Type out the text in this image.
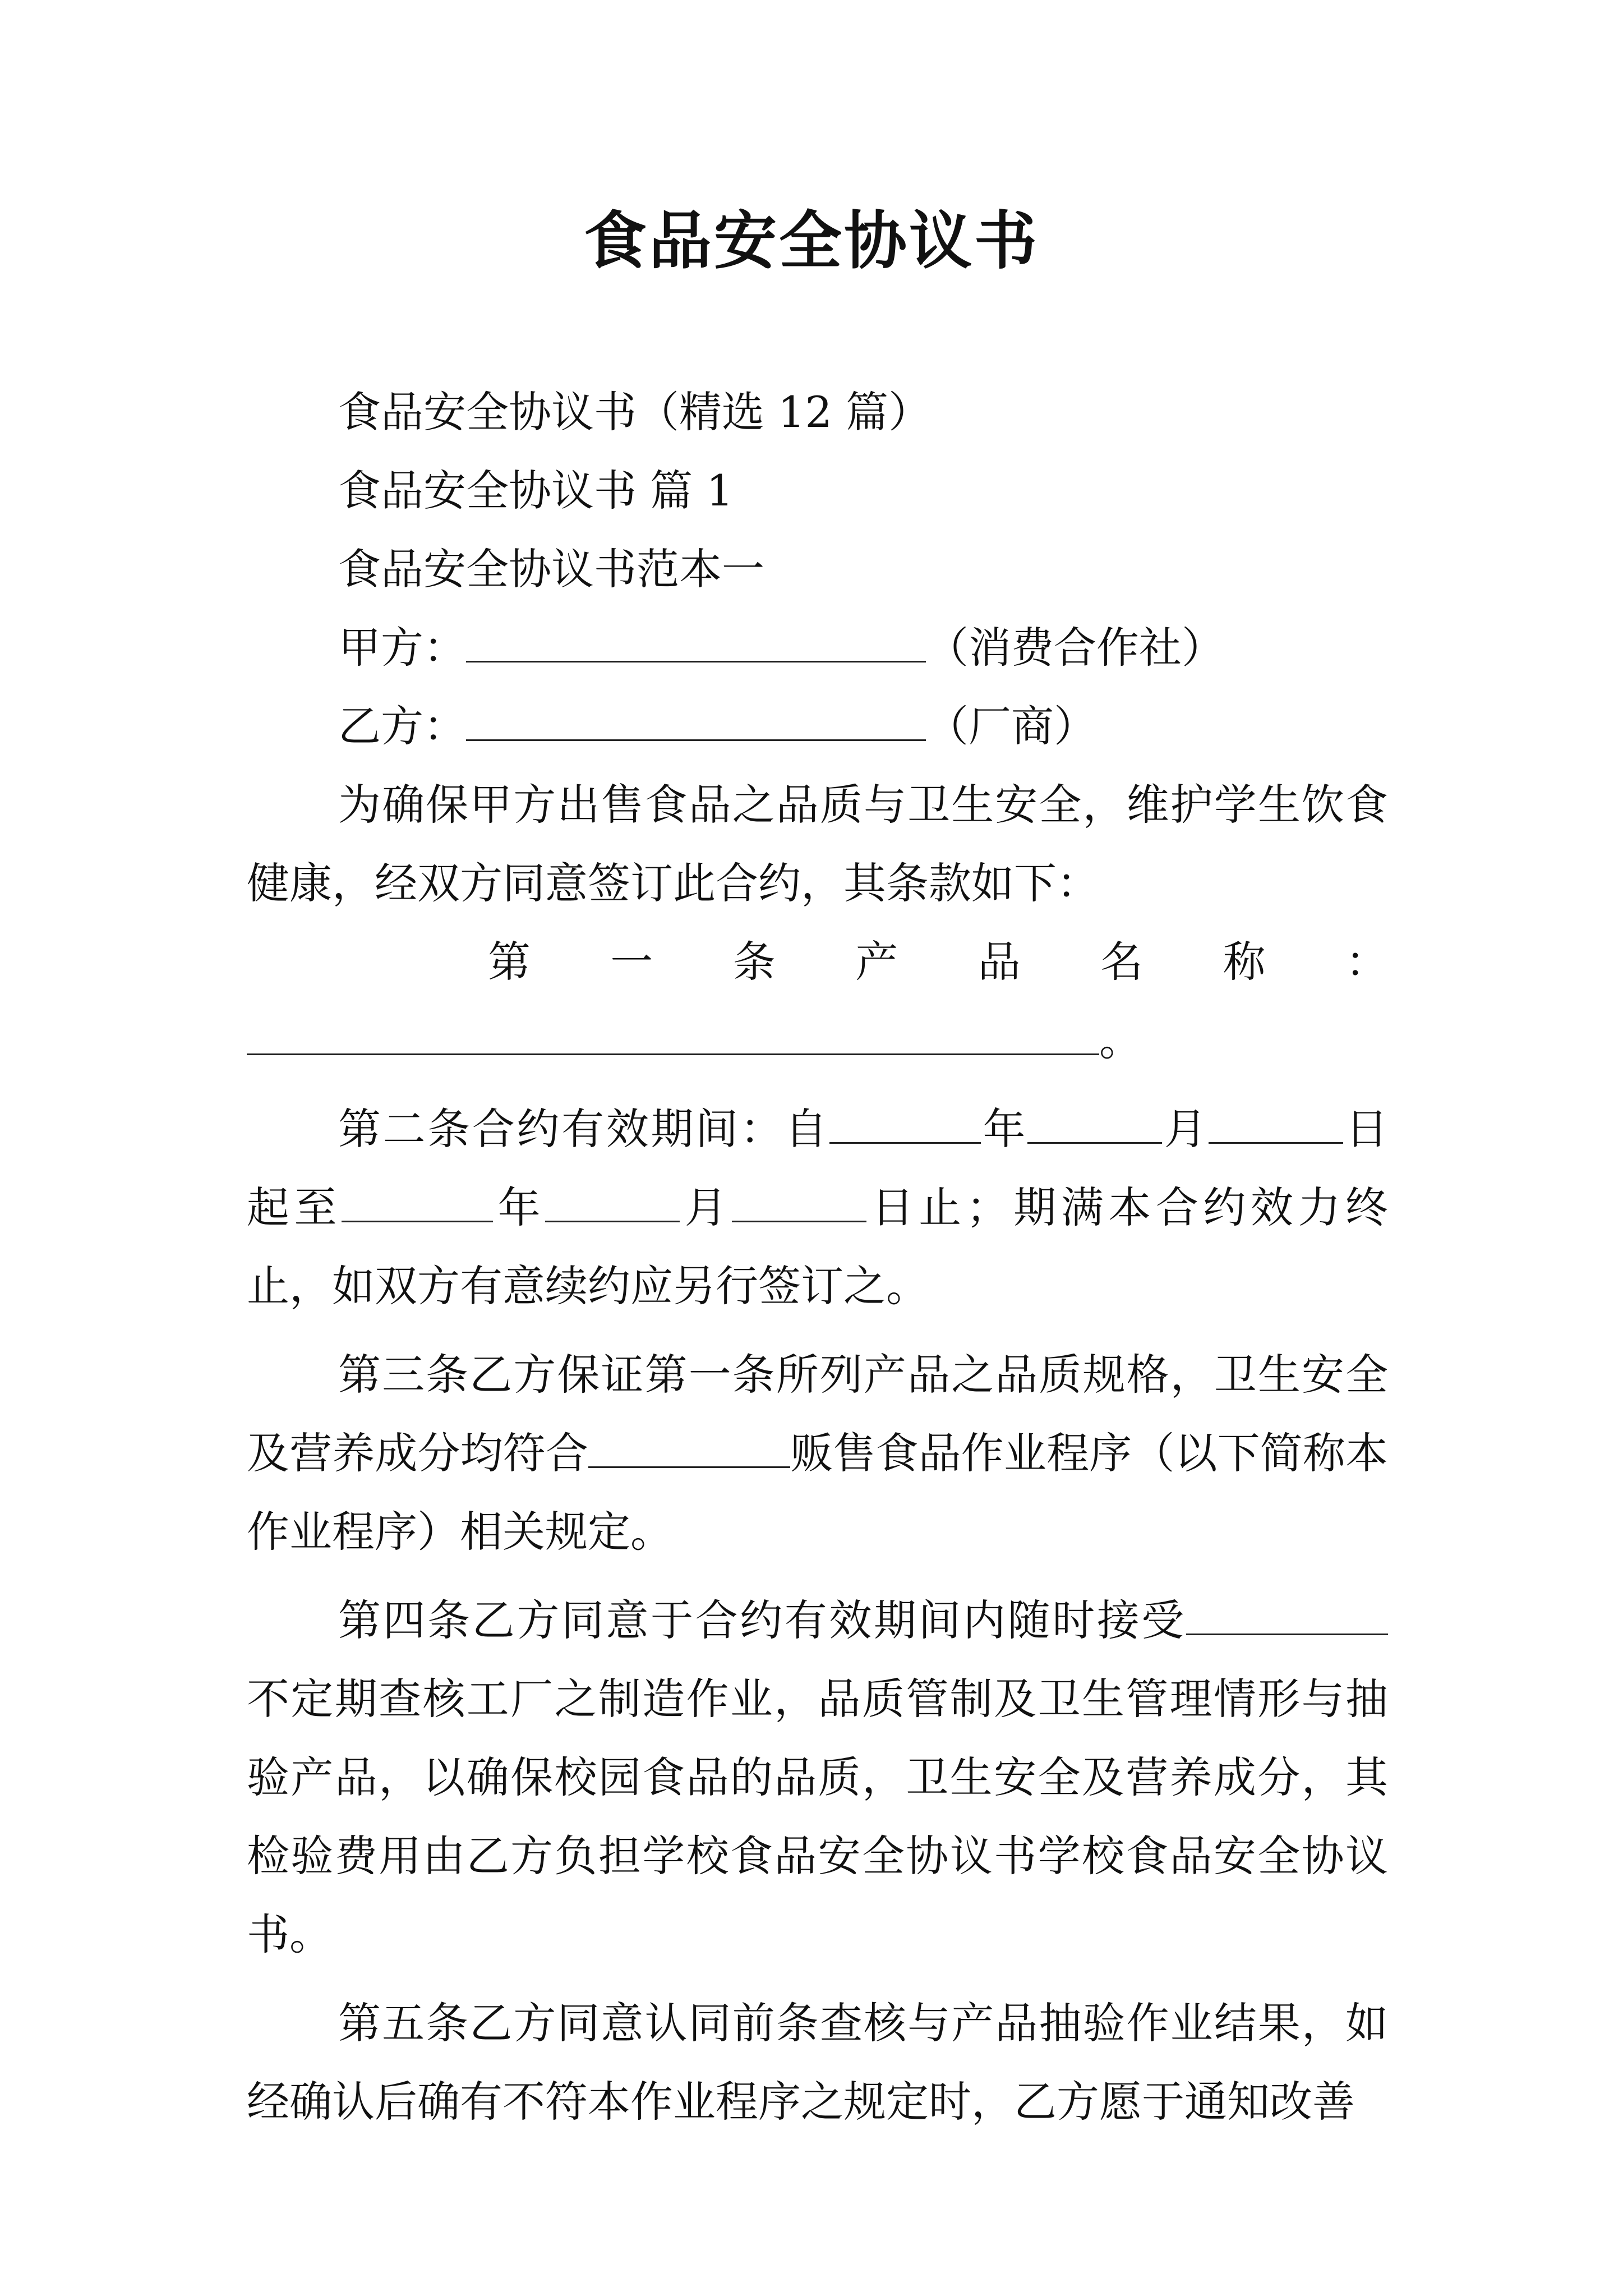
食品安全协议书

食品安全协议书（精选 12 篇）

食品安全协议书 篇 1

食品安全协议书范本一

甲方：	（消费合作社）

乙方：	（厂商）

为确保甲方出售食品之品质与卫生安全，维护学生饮食健康，经双方同意签订此合约，其条款如下：

第一条产品名称：

。

第二条合约有效期间：自	年	月	日起至	年	月	日止；期满本合约效力终止，如双方有意续约应另行签订之。

第三条乙方保证第一条所列产品之品质规格，卫生安全及营养成分均符合	贩售食品作业程序（以下简称本作业程序）相关规定。

第四条乙方同意于合约有效期间内随时接受不定期查核工厂之制造作业，品质管制及卫生管理情形与抽验产品，以确保校园食品的品质，卫生安全及营养成分，其检验费用由乙方负担学校食品安全协议书学校食品安全协议书。

第五条乙方同意认同前条查核与产品抽验作业结果，如经确认后确有不符本作业程序之规定时，乙方愿于通知改善
